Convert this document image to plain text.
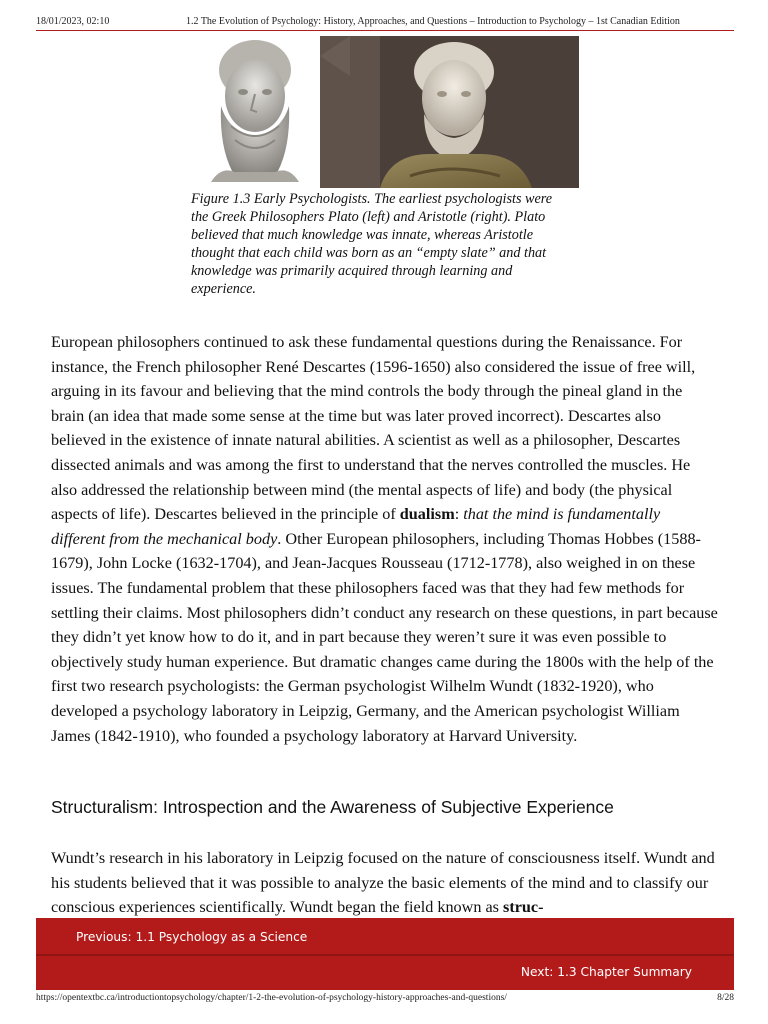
18/01/2023, 02:10	1.2 The Evolution of Psychology: History, Approaches, and Questions – Introduction to Psychology – 1st Canadian Edition
Figure 1.3 Early Psychologists. The earliest psychologists were the Greek Philosophers Plato (left) and Aristotle (right). Plato believed that much knowledge was innate, whereas Aristotle thought that each child was born as an “empty slate” and that knowledge was primarily acquired through learning and experience.

European philosophers continued to ask these fundamental questions during the Renaissance. For instance, the French philosopher René Descartes (1596-1650) also considered the issue of free will, arguing in its favour and believing that the mind controls the body through the pineal gland in the brain (an idea that made some sense at the time but was later proved incorrect). Descartes also believed in the existence of innate natural abilities. A scientist as well as a philosopher, Descartes dissected animals and was among the first to understand that the nerves controlled the muscles. He also addressed the relationship between mind (the mental aspects of life) and body (the physical aspects of life). Descartes believed in the principle of dualism: that the mind is fundamentally different from the mechanical body. Other European philosophers, including Thomas Hobbes (1588-1679), John Locke (1632-1704), and Jean-Jacques Rousseau (1712-1778), also weighed in on these issues. The fundamental problem that these philosophers faced was that they had few methods for settling their claims. Most philosophers didn’t conduct any research on these questions, in part because they didn’t yet know how to do it, and in part because they weren’t sure it was even possible to objectively study human experience. But dramatic changes came during the 1800s with the help of the first two research psychologists: the German psychologist Wilhelm Wundt (1832-1920), who developed a psychology laboratory in Leipzig, Germany, and the American psychologist William James (1842-1910), who founded a psychology laboratory at Harvard University.

Structuralism: Introspection and the Awareness of Subjective Experience

Wundt’s research in his laboratory in Leipzig focused on the nature of consciousness itself. Wundt and his students believed that it was possible to analyze the basic elements of the mind and to classify our conscious experiences scientifically. Wundt began the field known as struc-

Previous: 1.1 Psychology as a Science
Next: 1.3 Chapter Summary
https://opentextbc.ca/introductiontopsychology/chapter/1-2-the-evolution-of-psychology-history-approaches-and-questions/	8/28
